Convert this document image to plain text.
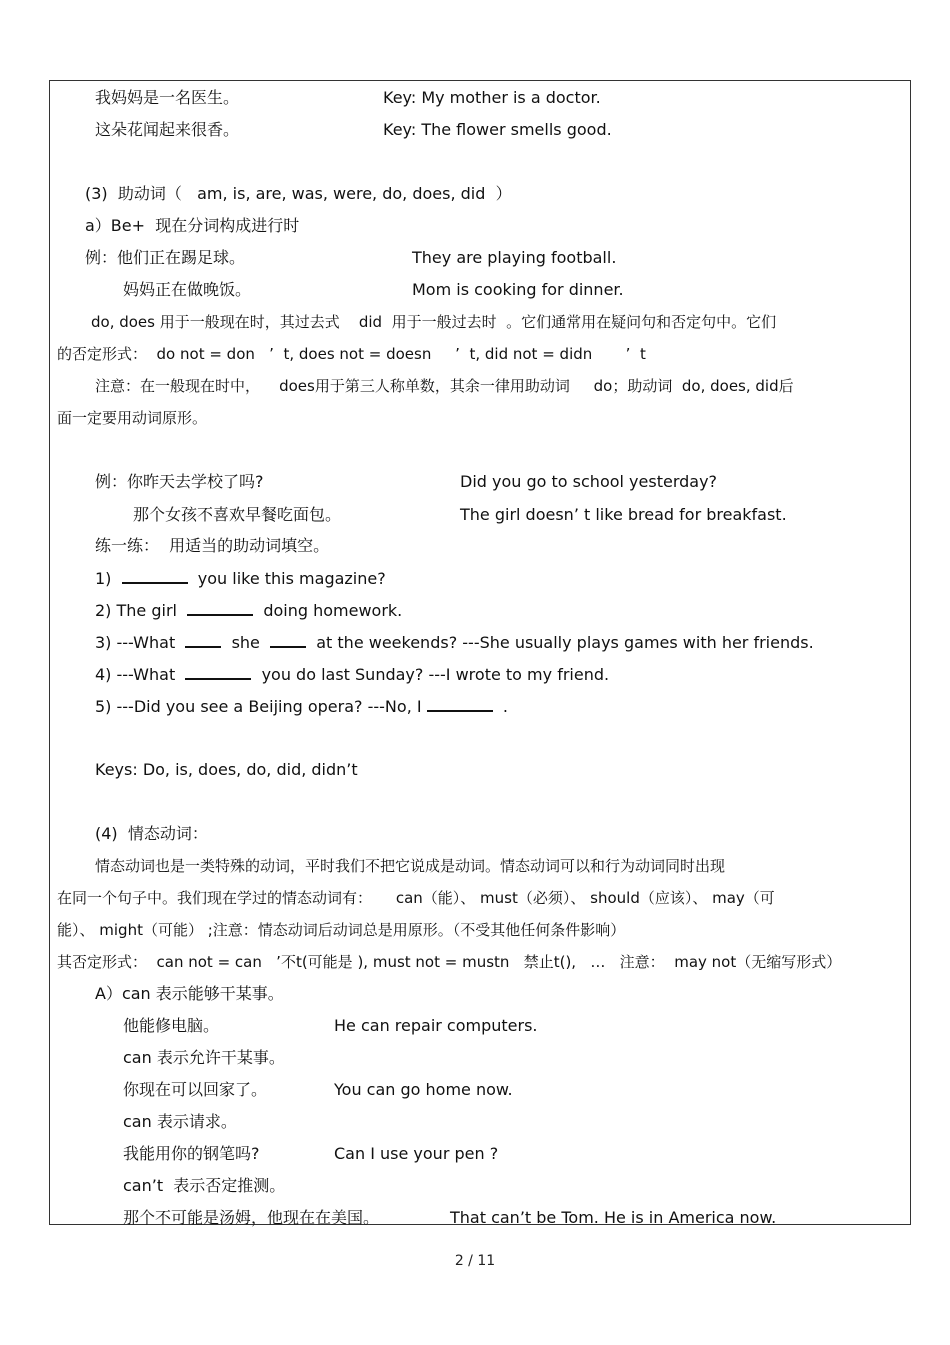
我妈妈是一名医生。	Key: My mother is a doctor.
这朵花闻起来很香。	Key: The flower smells good.
(3)  助动词（   am, is, are, was, were, do, does, did  ）
a）Be+  现在分词构成进行时
例：他们正在踢足球。	They are playing football.
妈妈正在做晚饭。	Mom is cooking for dinner.
do, does 用于一般现在时，其过去式    did  用于一般过去时  。它们通常用在疑问句和否定句中。它们
的否定形式：  do not = don   ’  t, does not = doesn     ’  t, did not = didn       ’  t
注意：在一般现在时中，    does用于第三人称单数，其余一律用助动词     do；助动词  do, does, did后
面一定要用动词原形。
例：你昨天去学校了吗?	Did you go to school yesterday?
那个女孩不喜欢早餐吃面包。	The girl doesn’ t like bread for breakfast.
练一练：  用适当的助动词填空。
1)	you like this magazine?
2) The girl	doing homework.
3) ---What    she    at the weekends? ---She usually plays games with her friends.
4) ---What	you do last Sunday? ---I wrote to my friend.
5) ---Did you see a Beijing opera? ---No, I	.
Keys: Do, is, does, do, did, didn’t
(4)  情态动词：
情态动词也是一类特殊的动词，平时我们不把它说成是动词。情态动词可以和行为动词同时出现
在同一个句子中。我们现在学过的情态动词有：     can（能）、 must（必须）、 should（应该）、 may（可
能）、 might（可能） ;注意：情态动词后动词总是用原形。（不受其他任何条件影响）
其否定形式：  can not = can   ’不t(可能是 ), must not = mustn   禁止t(),   …   注意：  may not（无缩写形式）
A）can 表示能够干某事。
他能修电脑。	He can repair computers.
can 表示允许干某事。
你现在可以回家了。	You can go home now.
can 表示请求。
我能用你的钢笔吗?	Can I use your pen ?
can’t  表示否定推测。
那个不可能是汤姆，他现在在美国。	That can’t be Tom. He is in America now.
2 / 11
